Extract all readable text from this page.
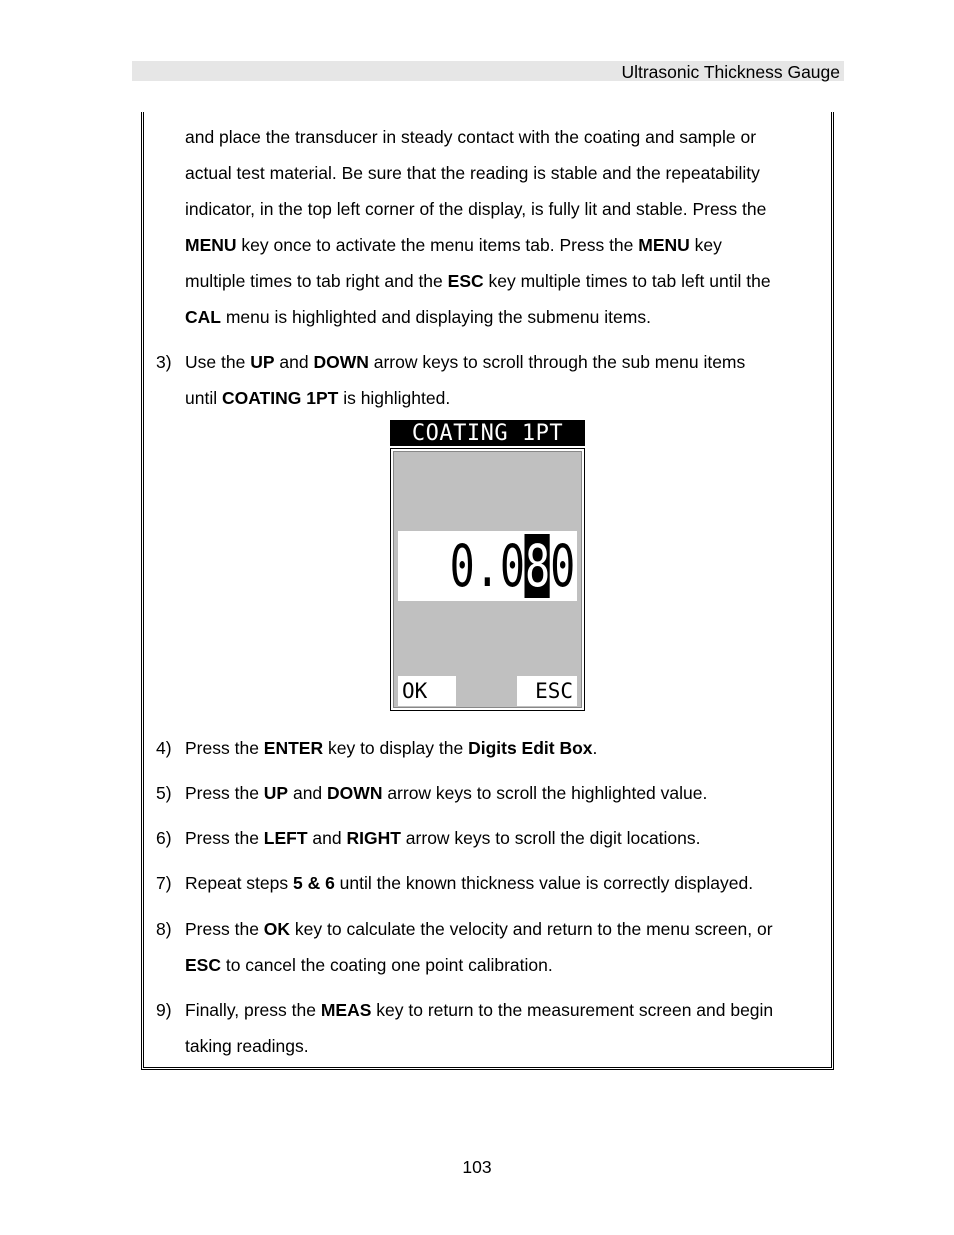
Ultrasonic Thickness Gauge
and place the transducer in steady contact with the coating and sample or
actual test material. Be sure that the reading is stable and the repeatability
indicator, in the top left corner of the display, is fully lit and stable. Press the
MENU key once to activate the menu items tab. Press the MENU key
multiple times to tab right and the ESC key multiple times to tab left until the
CAL menu is highlighted and displaying the submenu items.
3) Use the UP and DOWN arrow keys to scroll through the sub menu items
until COATING 1PT is highlighted.
COATING 1PT
0 . 0 8 0
OK	ESC
4) Press the ENTER key to display the Digits Edit Box.
5) Press the UP and DOWN arrow keys to scroll the highlighted value.
6) Press the LEFT and RIGHT arrow keys to scroll the digit locations.
7) Repeat steps 5 & 6 until the known thickness value is correctly displayed.
8) Press the OK key to calculate the velocity and return to the menu screen, or
ESC to cancel the coating one point calibration.
9) Finally, press the MEAS key to return to the measurement screen and begin
taking readings.
103
